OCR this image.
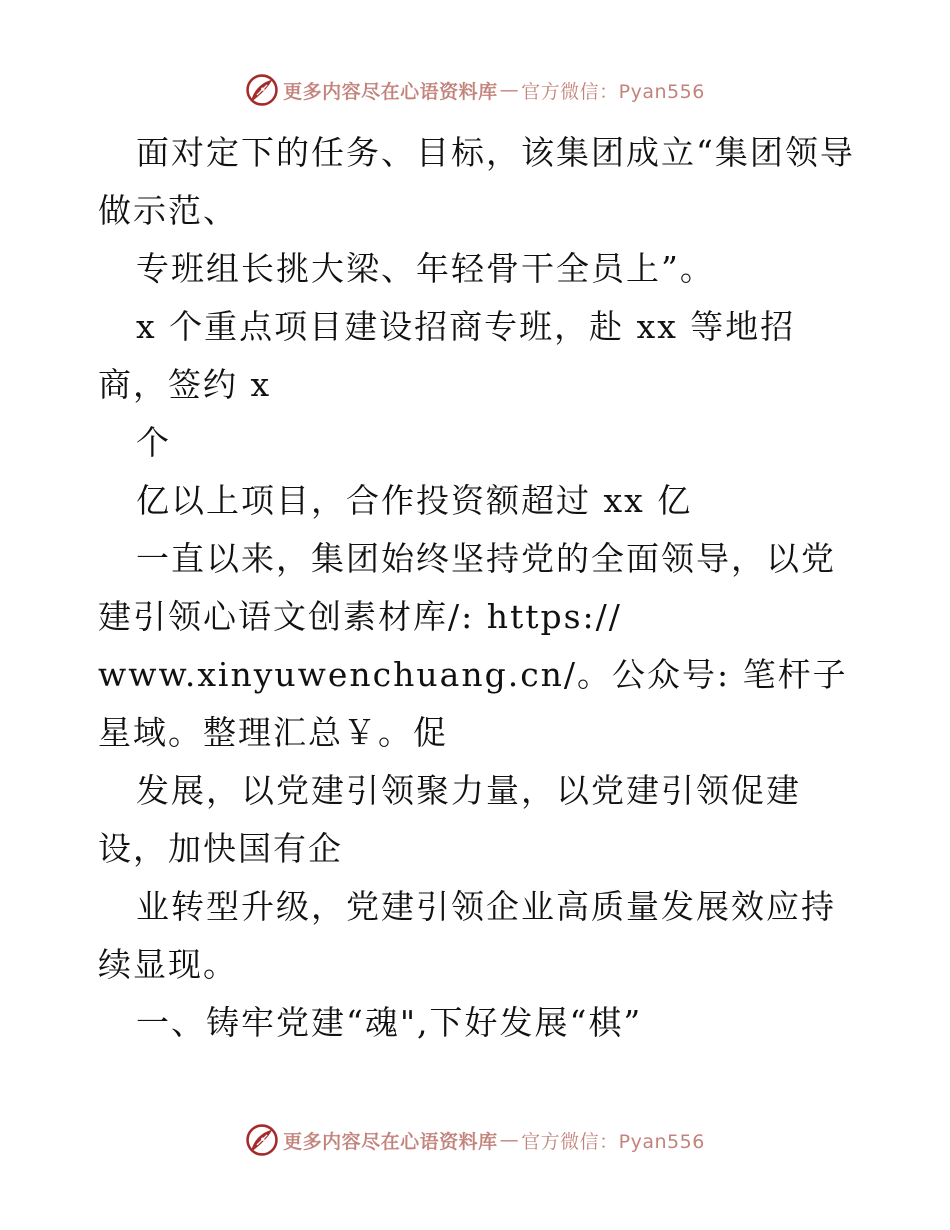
更多内容尽在心语资料库 — 官方微信：Pyan556

面对定下的任务、目标，该集团成立“集团领导做示范、

专班组长挑大梁、年轻骨干全员上”。

x 个重点项目建设招商专班，赴 xx 等地招商，签约 x

个

亿以上项目，合作投资额超过 xx 亿

一直以来，集团始终坚持党的全面领导，以党建引领心语文创素材库/: https://

www.xinyuwenchuang.cn/。公众号: 笔杆子星域。整理汇总￥。促

发展，以党建引领聚力量，以党建引领促建设，加快国有企

业转型升级，党建引领企业高质量发展效应持续显现。

一、铸牢党建“魂",下好发展“棋”

更多内容尽在心语资料库 — 官方微信：Pyan556
